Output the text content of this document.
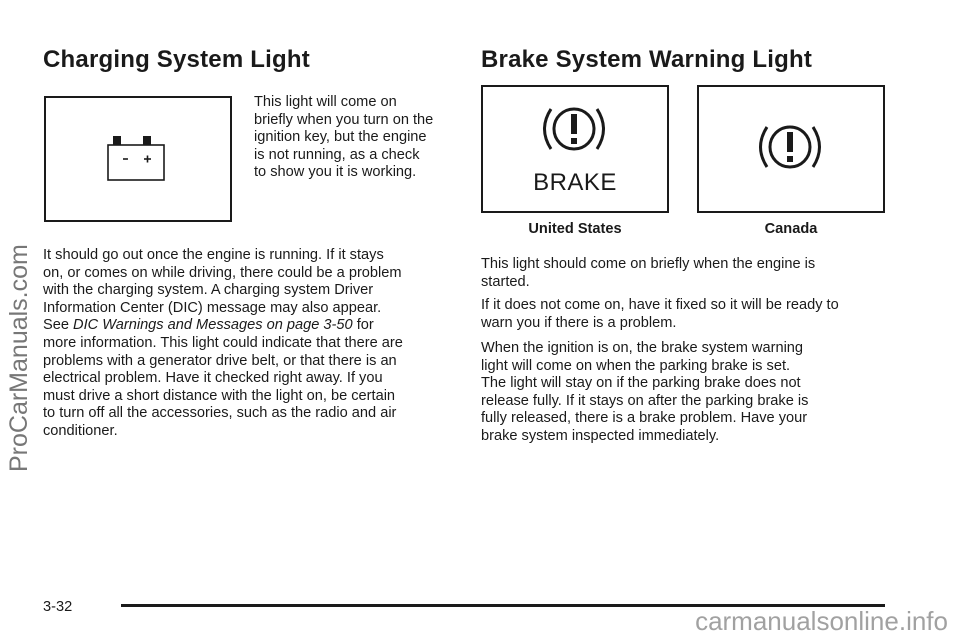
Charging System Light
This light will come on
briefly when you turn on the
ignition key, but the engine
is not running, as a check
to show you it is working.
It should go out once the engine is running. If it stays
on, or comes on while driving, there could be a problem
with the charging system. A charging system Driver
Information Center (DIC) message may also appear.
See DIC Warnings and Messages on page 3-50 for
more information. This light could indicate that there are
problems with a generator drive belt, or that there is an
electrical problem. Have it checked right away. If you
must drive a short distance with the light on, be certain
to turn off all the accessories, such as the radio and air
conditioner.
Brake System Warning Light
BRAKE
United States	Canada
This light should come on briefly when the engine is
started.
If it does not come on, have it fixed so it will be ready to
warn you if there is a problem.
When the ignition is on, the brake system warning
light will come on when the parking brake is set.
The light will stay on if the parking brake does not
release fully. If it stays on after the parking brake is
fully released, there is a brake problem. Have your
brake system inspected immediately.
3-32
ProCarManuals.com
carmanualsonline.info
